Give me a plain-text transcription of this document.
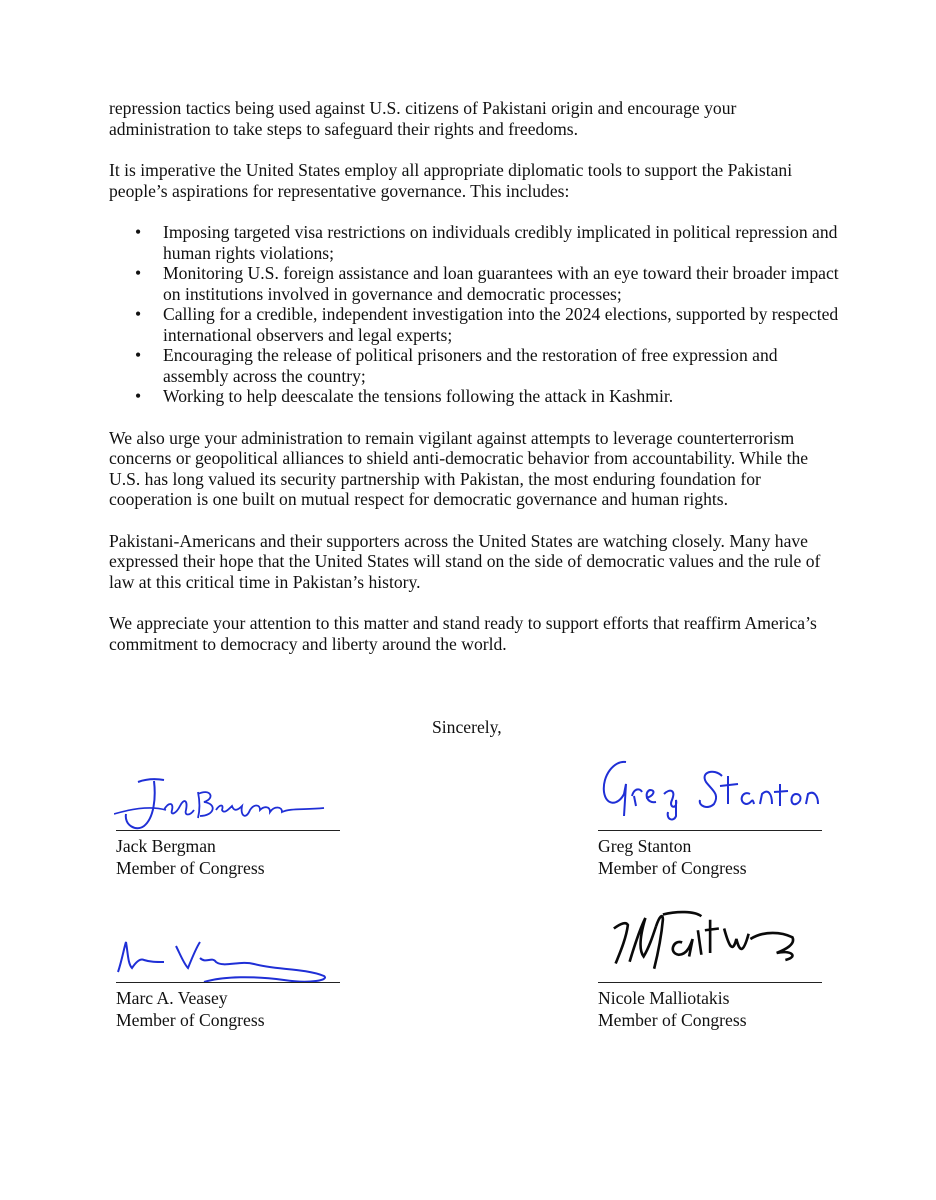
repression tactics being used against U.S. citizens of Pakistani origin and encourage your administration to take steps to safeguard their rights and freedoms.

It is imperative the United States employ all appropriate diplomatic tools to support the Pakistani people’s aspirations for representative governance. This includes:

• Imposing targeted visa restrictions on individuals credibly implicated in political repression and human rights violations;
• Monitoring U.S. foreign assistance and loan guarantees with an eye toward their broader impact on institutions involved in governance and democratic processes;
• Calling for a credible, independent investigation into the 2024 elections, supported by respected international observers and legal experts;
• Encouraging the release of political prisoners and the restoration of free expression and assembly across the country;
• Working to help deescalate the tensions following the attack in Kashmir.

We also urge your administration to remain vigilant against attempts to leverage counterterrorism concerns or geopolitical alliances to shield anti-democratic behavior from accountability. While the U.S. has long valued its security partnership with Pakistan, the most enduring foundation for cooperation is one built on mutual respect for democratic governance and human rights.

Pakistani-Americans and their supporters across the United States are watching closely. Many have expressed their hope that the United States will stand on the side of democratic values and the rule of law at this critical time in Pakistan’s history.

We appreciate your attention to this matter and stand ready to support efforts that reaffirm America’s commitment to democracy and liberty around the world.

Sincerely,
Jack Bergman
Member of Congress
Greg Stanton
Member of Congress
Marc A. Veasey
Member of Congress
Nicole Malliotakis
Member of Congress
